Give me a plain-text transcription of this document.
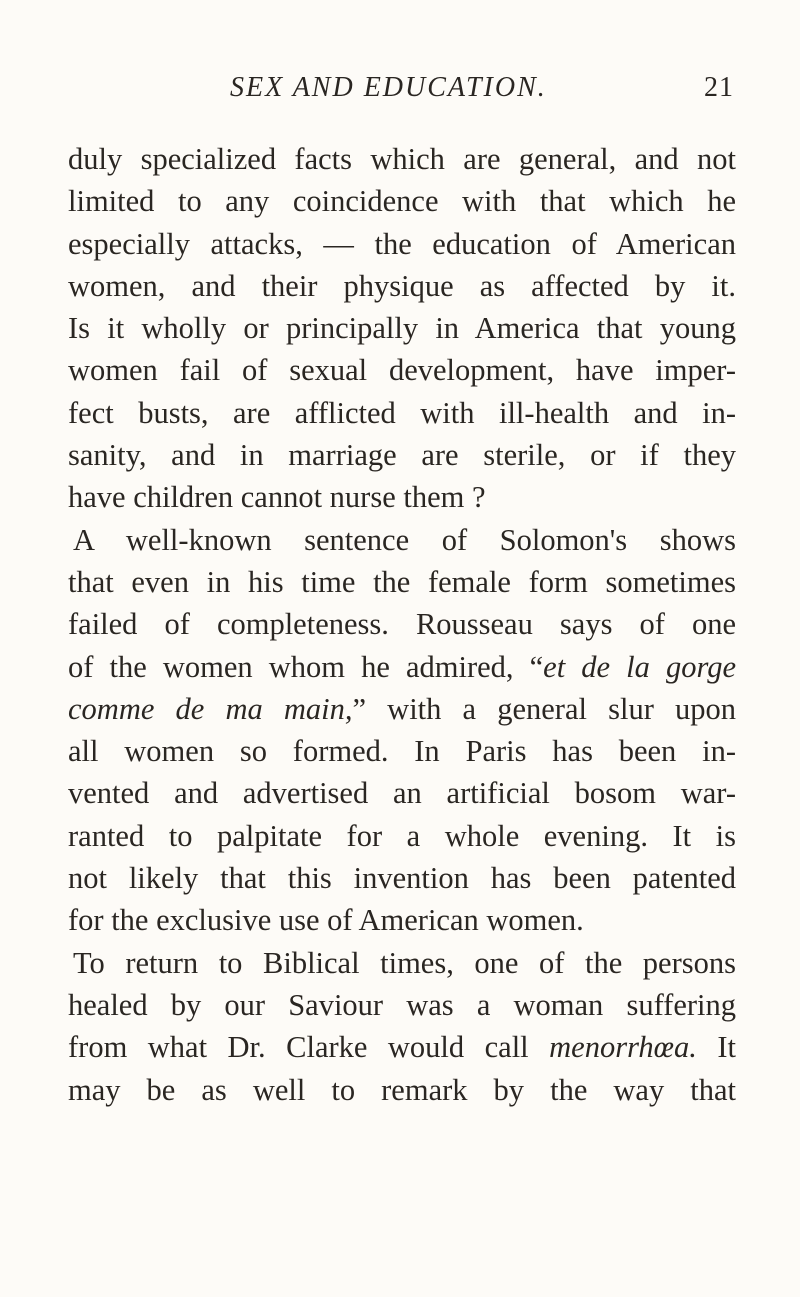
SEX AND EDUCATION.	21
duly specialized facts which are general, and not
limited to any coincidence with that which he
especially attacks, — the education of American
women, and their physique as affected by it.
Is it wholly or principally in America that young
women fail of sexual development, have imper-
fect busts, are afflicted with ill-health and in-
sanity, and in marriage are sterile, or if they
have children cannot nurse them ?
A well-known sentence of Solomon's shows
that even in his time the female form sometimes
failed of completeness. Rousseau says of one
of the women whom he admired, “et de la gorge
comme de ma main,” with a general slur upon
all women so formed. In Paris has been in-
vented and advertised an artificial bosom war-
ranted to palpitate for a whole evening. It is
not likely that this invention has been patented
for the exclusive use of American women.
To return to Biblical times, one of the persons
healed by our Saviour was a woman suffering
from what Dr. Clarke would call menorrhœa. It
may be as well to remark by the way that
